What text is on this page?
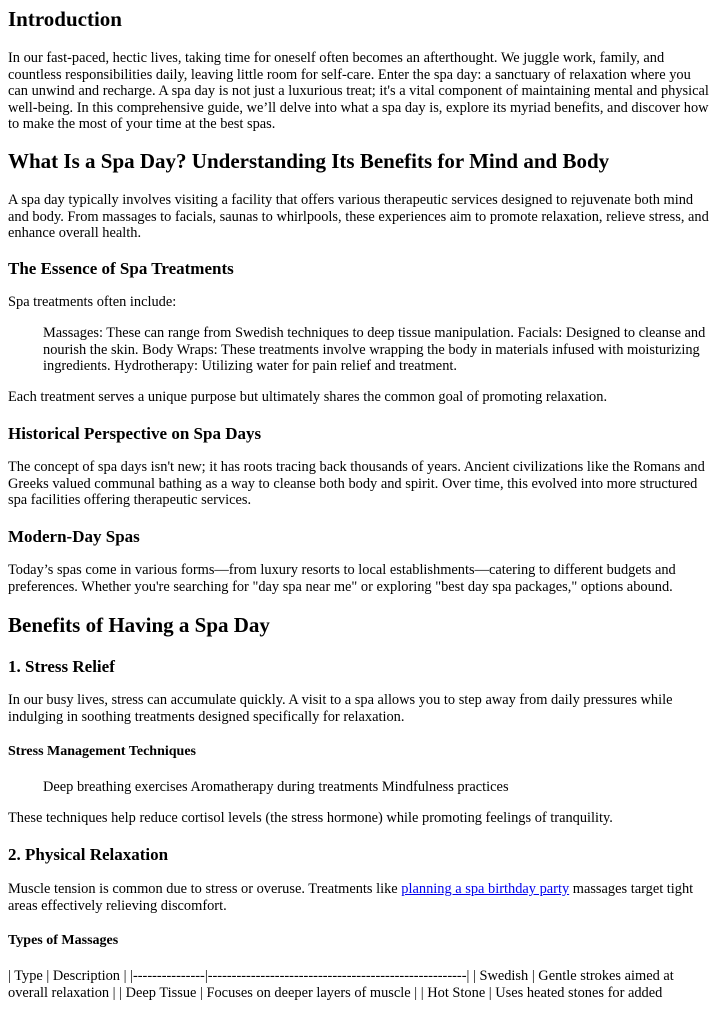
Introduction

In our fast-paced, hectic lives, taking time for oneself often becomes an afterthought. We juggle work, family, and countless responsibilities daily, leaving little room for self-care. Enter the spa day: a sanctuary of relaxation where you can unwind and recharge. A spa day is not just a luxurious treat; it's a vital component of maintaining mental and physical well-being. In this comprehensive guide, we’ll delve into what a spa day is, explore its myriad benefits, and discover how to make the most of your time at the best spas.

What Is a Spa Day? Understanding Its Benefits for Mind and Body

A spa day typically involves visiting a facility that offers various therapeutic services designed to rejuvenate both mind and body. From massages to facials, saunas to whirlpools, these experiences aim to promote relaxation, relieve stress, and enhance overall health.

The Essence of Spa Treatments

Spa treatments often include:

Massages: These can range from Swedish techniques to deep tissue manipulation. Facials: Designed to cleanse and nourish the skin. Body Wraps: These treatments involve wrapping the body in materials infused with moisturizing ingredients. Hydrotherapy: Utilizing water for pain relief and treatment.

Each treatment serves a unique purpose but ultimately shares the common goal of promoting relaxation.

Historical Perspective on Spa Days

The concept of spa days isn't new; it has roots tracing back thousands of years. Ancient civilizations like the Romans and Greeks valued communal bathing as a way to cleanse both body and spirit. Over time, this evolved into more structured spa facilities offering therapeutic services.

Modern-Day Spas

Today’s spas come in various forms—from luxury resorts to local establishments—catering to different budgets and preferences. Whether you're searching for "day spa near me" or exploring "best day spa packages," options abound.

Benefits of Having a Spa Day
1. Stress Relief

In our busy lives, stress can accumulate quickly. A visit to a spa allows you to step away from daily pressures while indulging in soothing treatments designed specifically for relaxation.

Stress Management Techniques
Deep breathing exercises Aromatherapy during treatments Mindfulness practices

These techniques help reduce cortisol levels (the stress hormone) while promoting feelings of tranquility.

2. Physical Relaxation

Muscle tension is common due to stress or overuse. Treatments like planning a spa birthday party massages target tight areas effectively relieving discomfort.

Types of Massages

| Type | Description | |---------------|------------------------------------------------------| | Swedish | Gentle strokes aimed at overall relaxation | | Deep Tissue | Focuses on deeper layers of muscle | | Hot Stone | Uses heated stones for added
